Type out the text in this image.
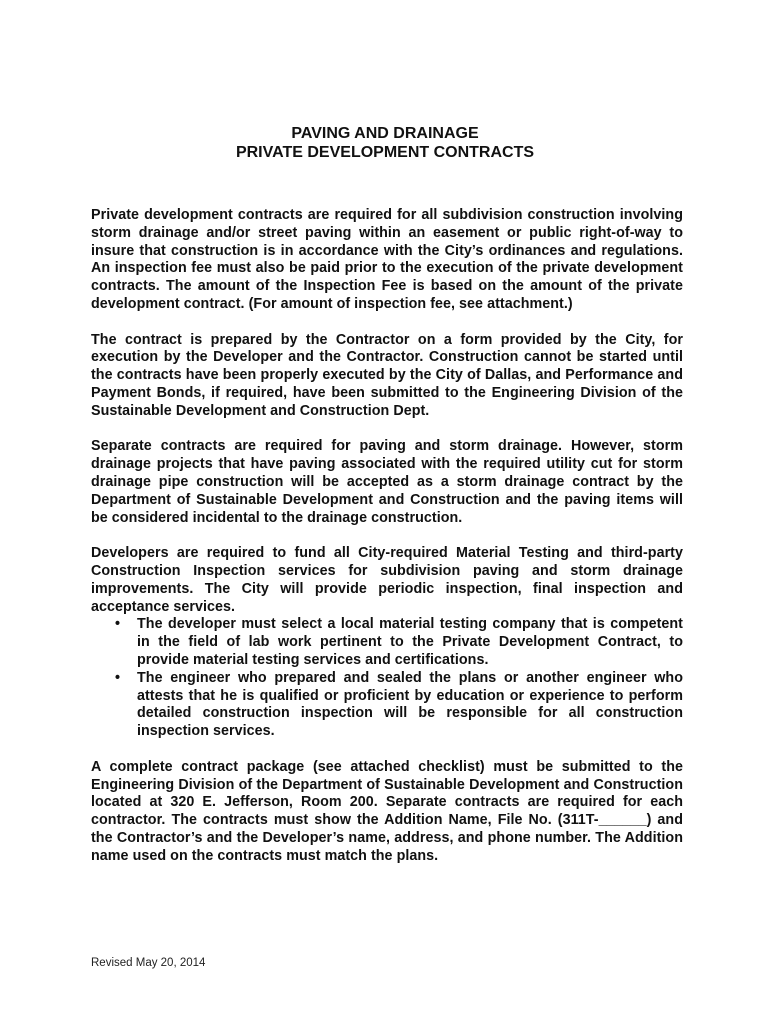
PAVING AND DRAINAGE
PRIVATE DEVELOPMENT CONTRACTS

Private development contracts are required for all subdivision construction involving storm drainage and/or street paving within an easement or public right-of-way to insure that construction is in accordance with the City’s ordinances and regulations. An inspection fee must also be paid prior to the execution of the private development contracts. The amount of the Inspection Fee is based on the amount of the private development contract. (For amount of inspection fee, see attachment.)

The contract is prepared by the Contractor on a form provided by the City, for execution by the Developer and the Contractor. Construction cannot be started until the contracts have been properly executed by the City of Dallas, and Performance and Payment Bonds, if required, have been submitted to the Engineering Division of the Sustainable Development and Construction Dept.

Separate contracts are required for paving and storm drainage. However, storm drainage projects that have paving associated with the required utility cut for storm drainage pipe construction will be accepted as a storm drainage contract by the Department of Sustainable Development and Construction and the paving items will be considered incidental to the drainage construction.

Developers are required to fund all City-required Material Testing and third-party Construction Inspection services for subdivision paving and storm drainage improvements. The City will provide periodic inspection, final inspection and acceptance services.

• The developer must select a local material testing company that is competent in the field of lab work pertinent to the Private Development Contract, to provide material testing services and certifications.
• The engineer who prepared and sealed the plans or another engineer who attests that he is qualified or proficient by education or experience to perform detailed construction inspection will be responsible for all construction inspection services.

A complete contract package (see attached checklist) must be submitted to the Engineering Division of the Department of Sustainable Development and Construction located at 320 E. Jefferson, Room 200. Separate contracts are required for each contractor. The contracts must show the Addition Name, File No. (311T-______) and the Contractor’s and the Developer’s name, address, and phone number. The Addition name used on the contracts must match the plans.

Revised May 20, 2014
